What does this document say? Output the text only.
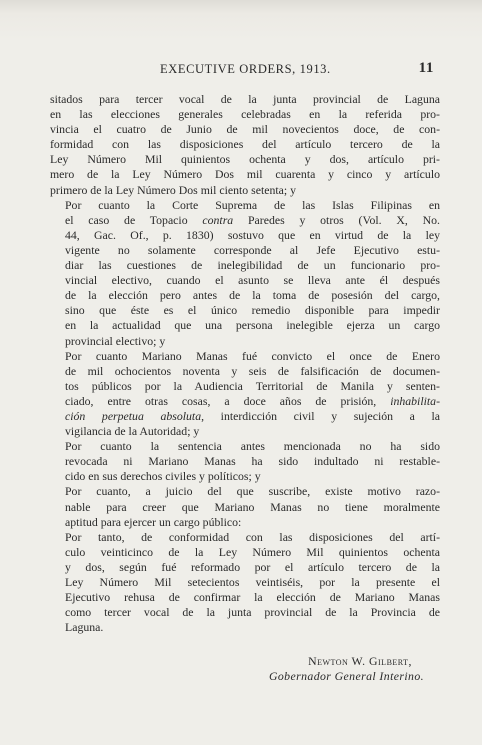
EXECUTIVE ORDERS, 1913.	11

sitados para tercer vocal de la junta provincial de Laguna
en las elecciones generales celebradas en la referida pro-
vincia el cuatro de Junio de mil novecientos doce, de con-
formidad con las disposiciones del artículo tercero de la
Ley Número Mil quinientos ochenta y dos, artículo pri-
mero de la Ley Número Dos mil cuarenta y cinco y artículo
primero de la Ley Número Dos mil ciento setenta; y

Por cuanto la Corte Suprema de las Islas Filipinas en
el caso de Topacio contra Paredes y otros (Vol. X, No.
44, Gac. Of., p. 1830) sostuvo que en virtud de la ley
vigente no solamente corresponde al Jefe Ejecutivo estu-
diar las cuestiones de inelegibilidad de un funcionario pro-
vincial electivo, cuando el asunto se lleva ante él después
de la elección pero antes de la toma de posesión del cargo,
sino que éste es el único remedio disponible para impedir
en la actualidad que una persona inelegible ejerza un cargo
provincial electivo; y

Por cuanto Mariano Manas fué convicto el once de Enero
de mil ochocientos noventa y seis de falsificación de documen-
tos públicos por la Audiencia Territorial de Manila y senten-
ciado, entre otras cosas, a doce años de prisión, inhabilita-
ción perpetua absoluta, interdicción civil y sujeción a la
vigilancia de la Autoridad; y

Por cuanto la sentencia antes mencionada no ha sido
revocada ni Mariano Manas ha sido indultado ni restable-
cido en sus derechos civiles y políticos; y

Por cuanto, a juicio del que suscribe, existe motivo razo-
nable para creer que Mariano Manas no tiene moralmente
aptitud para ejercer un cargo público:

Por tanto, de conformidad con las disposiciones del artí-
culo veinticinco de la Ley Número Mil quinientos ochenta
y dos, según fué reformado por el artículo tercero de la
Ley Número Mil setecientos veintiséis, por la presente el
Ejecutivo rehusa de confirmar la elección de Mariano Manas
como tercer vocal de la junta provincial de la Provincia de
Laguna.

Newton W. Gilbert,
Gobernador General Interino.
